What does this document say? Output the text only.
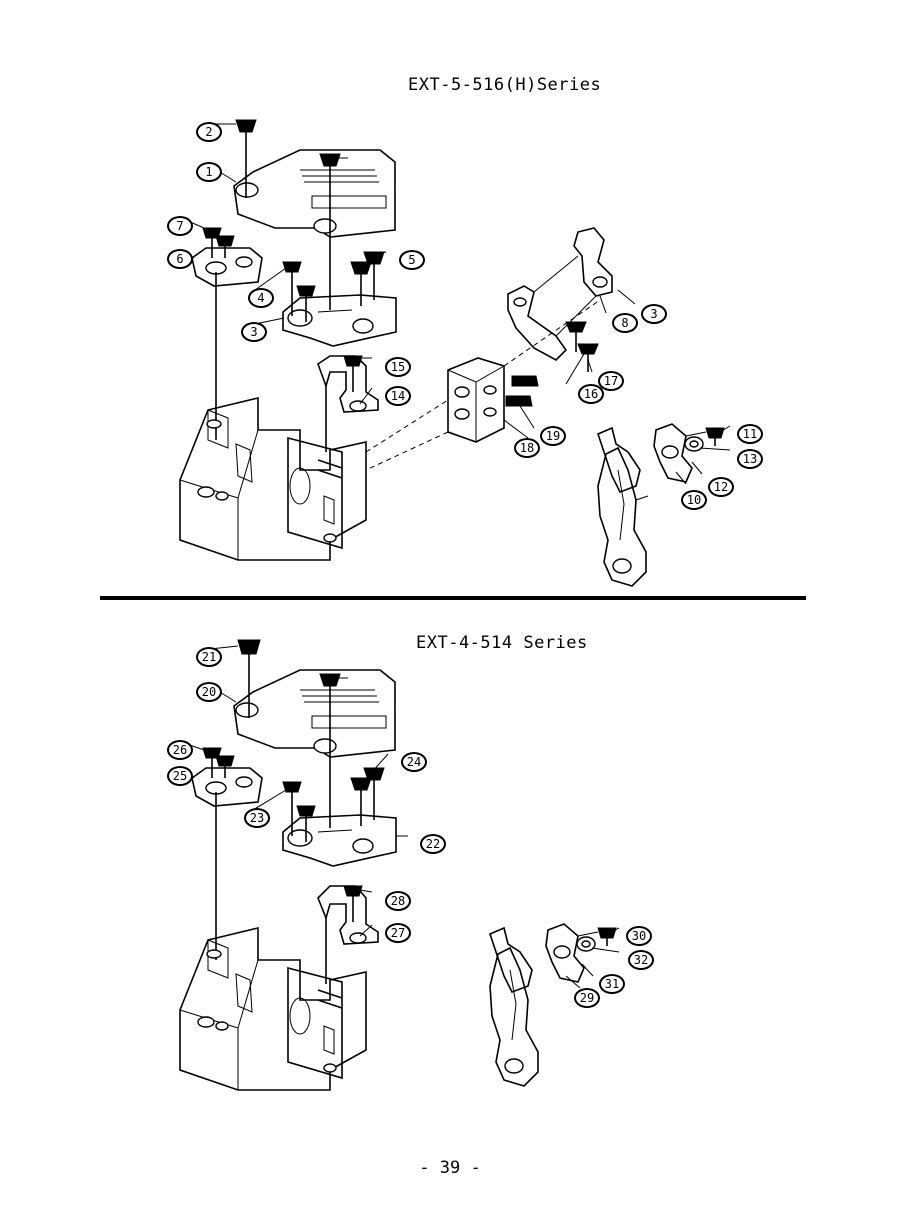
EXT-5-516(H)Series
EXT-4-514 Series
- 39 -
1
2
3
4
5
6
7
8
3
10
11
12
13
14
15
16
17
18
19
20
21
22
23
24
25
26
27
28
29
30
31
32
